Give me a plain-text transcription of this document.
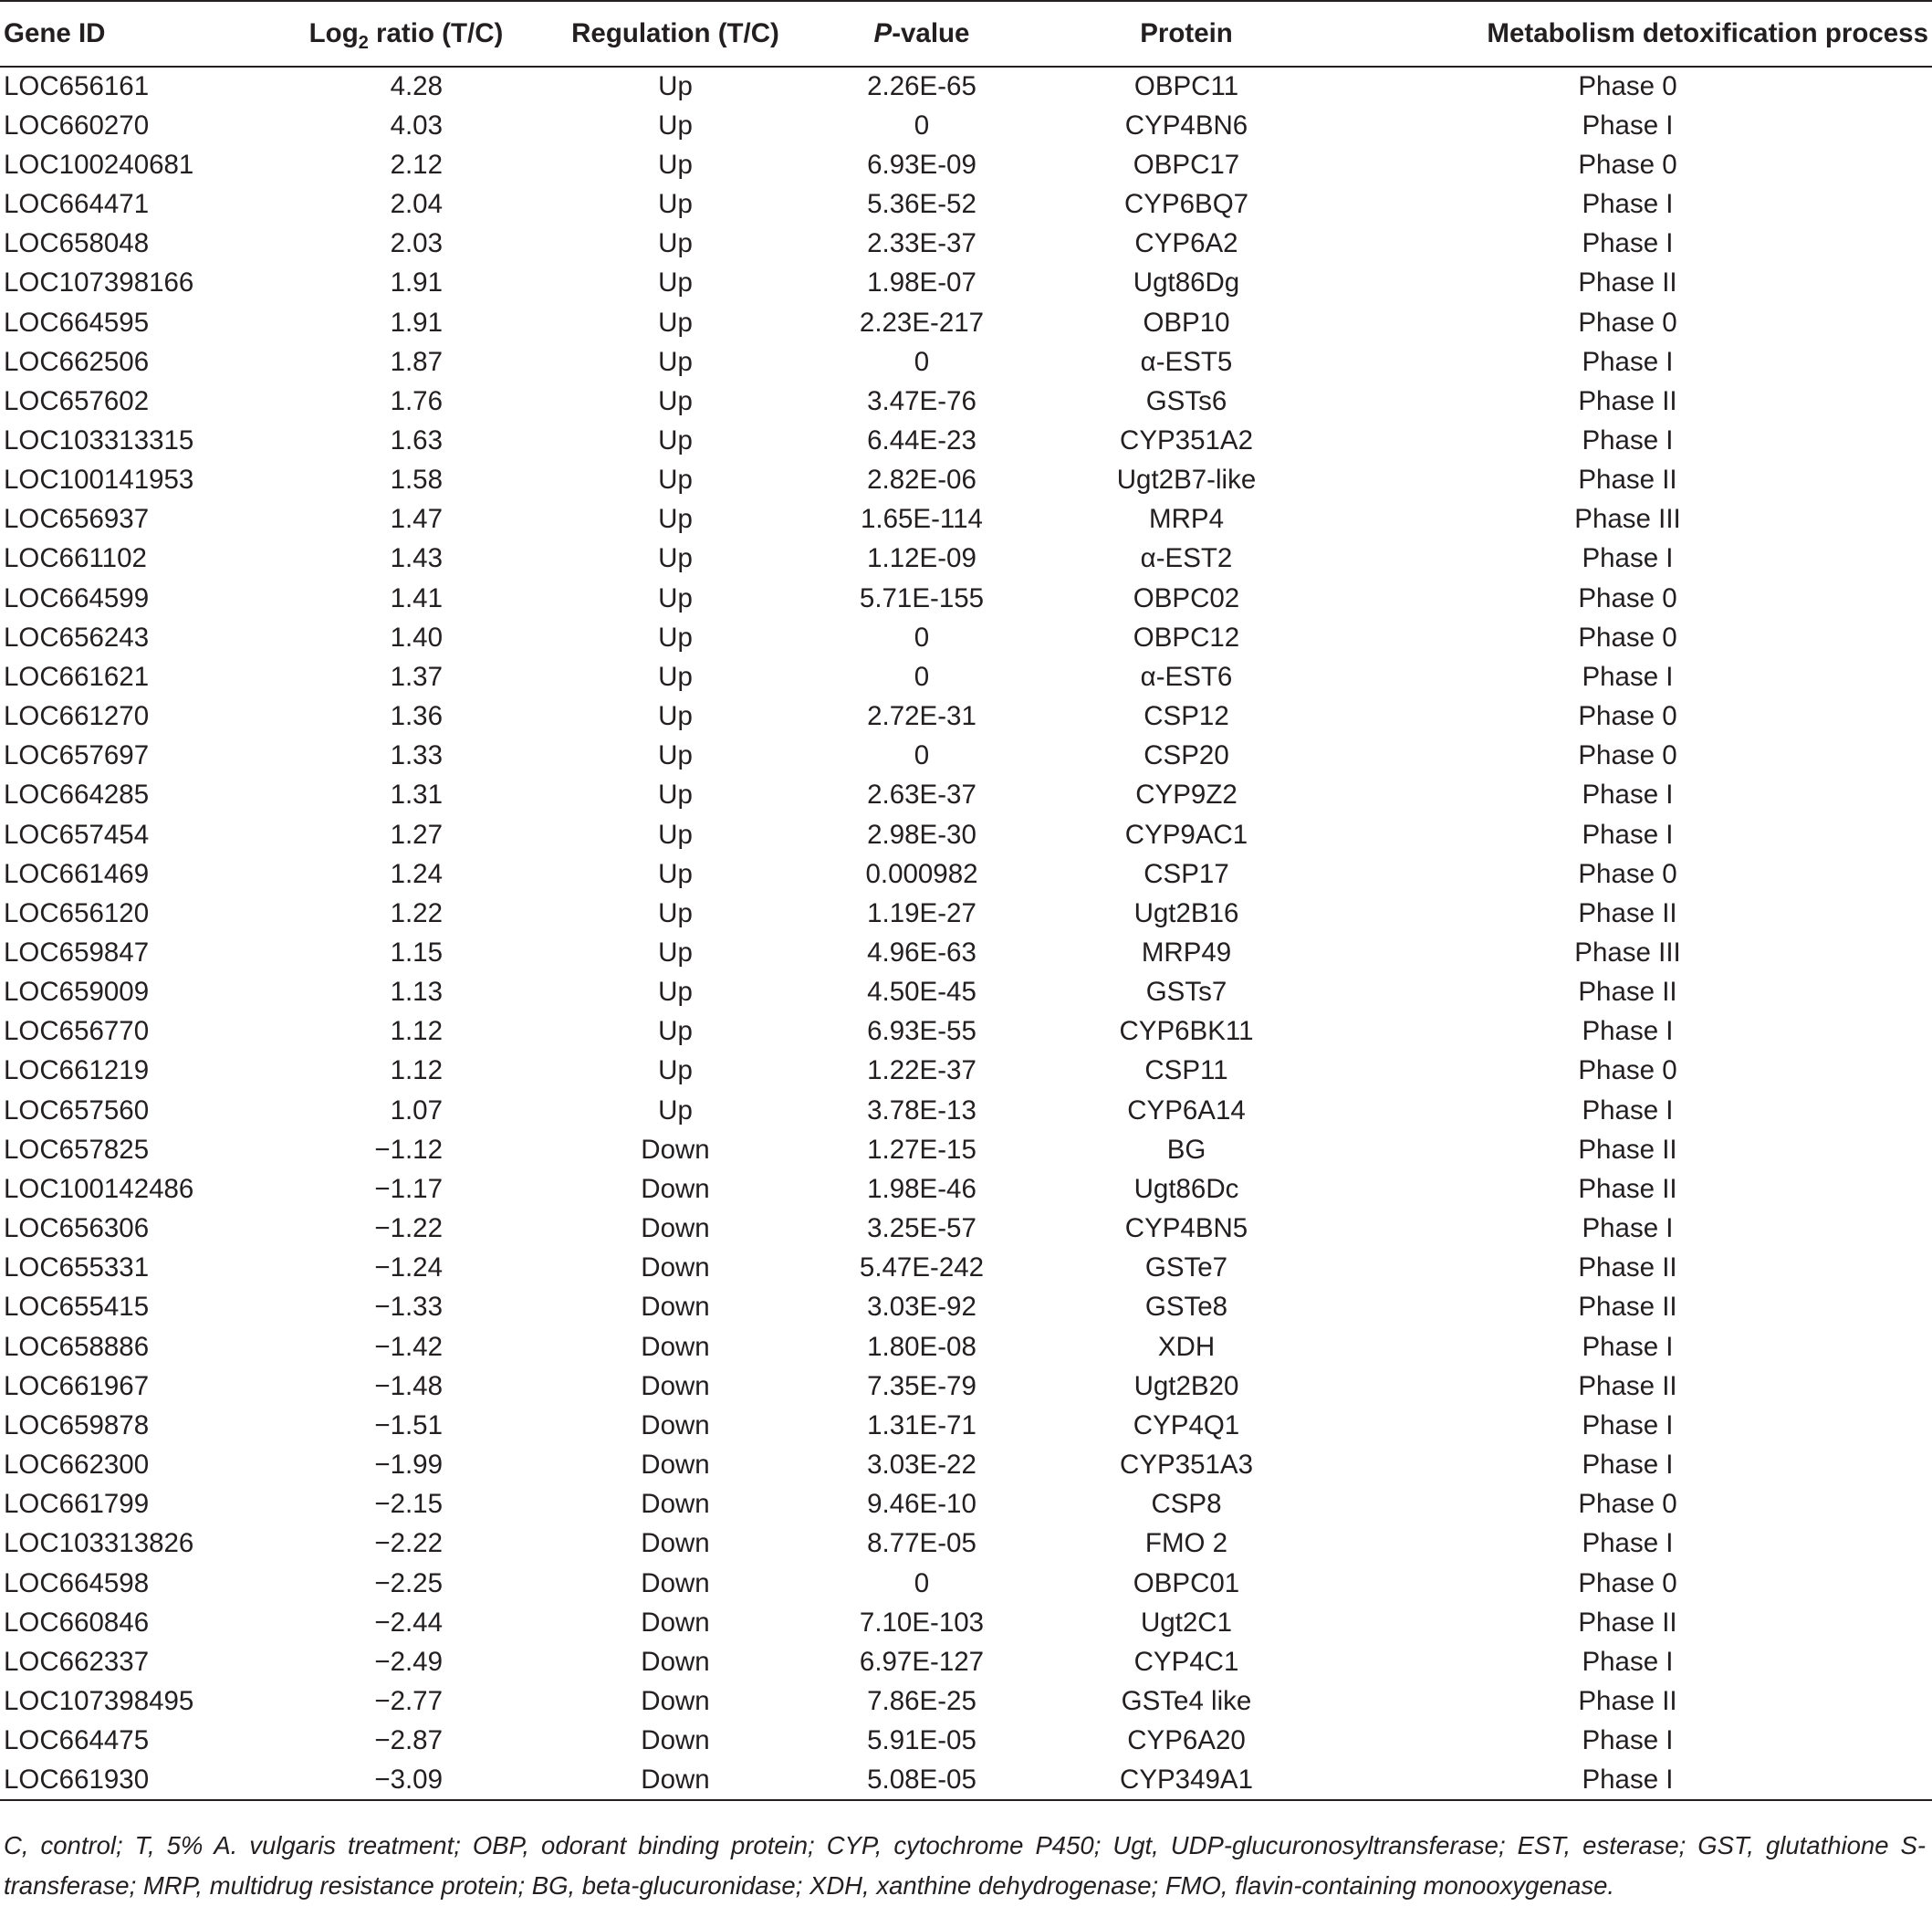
Gene ID	Log$_2$ ratio (T/C)	Regulation (T/C)	P-value	Protein	Metabolism detoxification process
LOC656161	4.28	Up	2.26E-65	OBPC11	Phase 0
LOC660270	4.03	Up	0	CYP4BN6	Phase I
LOC100240681	2.12	Up	6.93E-09	OBPC17	Phase 0
LOC664471	2.04	Up	5.36E-52	CYP6BQ7	Phase I
LOC658048	2.03	Up	2.33E-37	CYP6A2	Phase I
LOC107398166	1.91	Up	1.98E-07	Ugt86Dg	Phase II
LOC664595	1.91	Up	2.23E-217	OBP10	Phase 0
LOC662506	1.87	Up	0	α-EST5	Phase I
LOC657602	1.76	Up	3.47E-76	GSTs6	Phase II
LOC103313315	1.63	Up	6.44E-23	CYP351A2	Phase I
LOC100141953	1.58	Up	2.82E-06	Ugt2B7-like	Phase II
LOC656937	1.47	Up	1.65E-114	MRP4	Phase III
LOC661102	1.43	Up	1.12E-09	α-EST2	Phase I
LOC664599	1.41	Up	5.71E-155	OBPC02	Phase 0
LOC656243	1.40	Up	0	OBPC12	Phase 0
LOC661621	1.37	Up	0	α-EST6	Phase I
LOC661270	1.36	Up	2.72E-31	CSP12	Phase 0
LOC657697	1.33	Up	0	CSP20	Phase 0
LOC664285	1.31	Up	2.63E-37	CYP9Z2	Phase I
LOC657454	1.27	Up	2.98E-30	CYP9AC1	Phase I
LOC661469	1.24	Up	0.000982	CSP17	Phase 0
LOC656120	1.22	Up	1.19E-27	Ugt2B16	Phase II
LOC659847	1.15	Up	4.96E-63	MRP49	Phase III
LOC659009	1.13	Up	4.50E-45	GSTs7	Phase II
LOC656770	1.12	Up	6.93E-55	CYP6BK11	Phase I
LOC661219	1.12	Up	1.22E-37	CSP11	Phase 0
LOC657560	1.07	Up	3.78E-13	CYP6A14	Phase I
LOC657825	−1.12	Down	1.27E-15	BG	Phase II
LOC100142486	−1.17	Down	1.98E-46	Ugt86Dc	Phase II
LOC656306	−1.22	Down	3.25E-57	CYP4BN5	Phase I
LOC655331	−1.24	Down	5.47E-242	GSTe7	Phase II
LOC655415	−1.33	Down	3.03E-92	GSTe8	Phase II
LOC658886	−1.42	Down	1.80E-08	XDH	Phase I
LOC661967	−1.48	Down	7.35E-79	Ugt2B20	Phase II
LOC659878	−1.51	Down	1.31E-71	CYP4Q1	Phase I
LOC662300	−1.99	Down	3.03E-22	CYP351A3	Phase I
LOC661799	−2.15	Down	9.46E-10	CSP8	Phase 0
LOC103313826	−2.22	Down	8.77E-05	FMO 2	Phase I
LOC664598	−2.25	Down	0	OBPC01	Phase 0
LOC660846	−2.44	Down	7.10E-103	Ugt2C1	Phase II
LOC662337	−2.49	Down	6.97E-127	CYP4C1	Phase I
LOC107398495	−2.77	Down	7.86E-25	GSTe4 like	Phase II
LOC664475	−2.87	Down	5.91E-05	CYP6A20	Phase I
LOC661930	−3.09	Down	5.08E-05	CYP349A1	Phase I
C, control; T, 5% A. vulgaris treatment; OBP, odorant binding protein; CYP, cytochrome P450; Ugt, UDP-glucuronosyltransferase; EST, esterase; GST, glutathione S-transferase; MRP, multidrug resistance protein; BG, beta-glucuronidase; XDH, xanthine dehydrogenase; FMO, flavin-containing monooxygenase.
